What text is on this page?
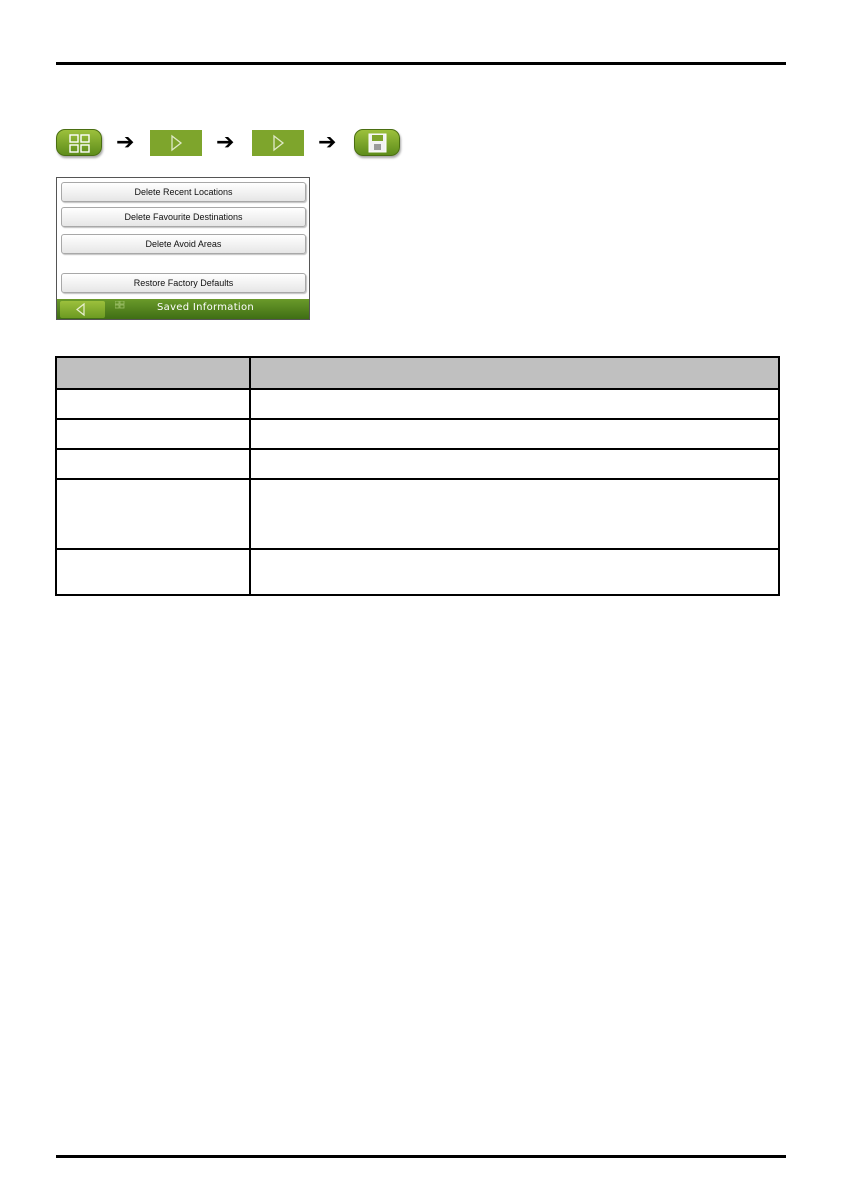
➔	➔	➔
Delete Recent Locations
Delete Favourite Destinations
Delete Avoid Areas
Restore Factory Defaults
Saved Information
